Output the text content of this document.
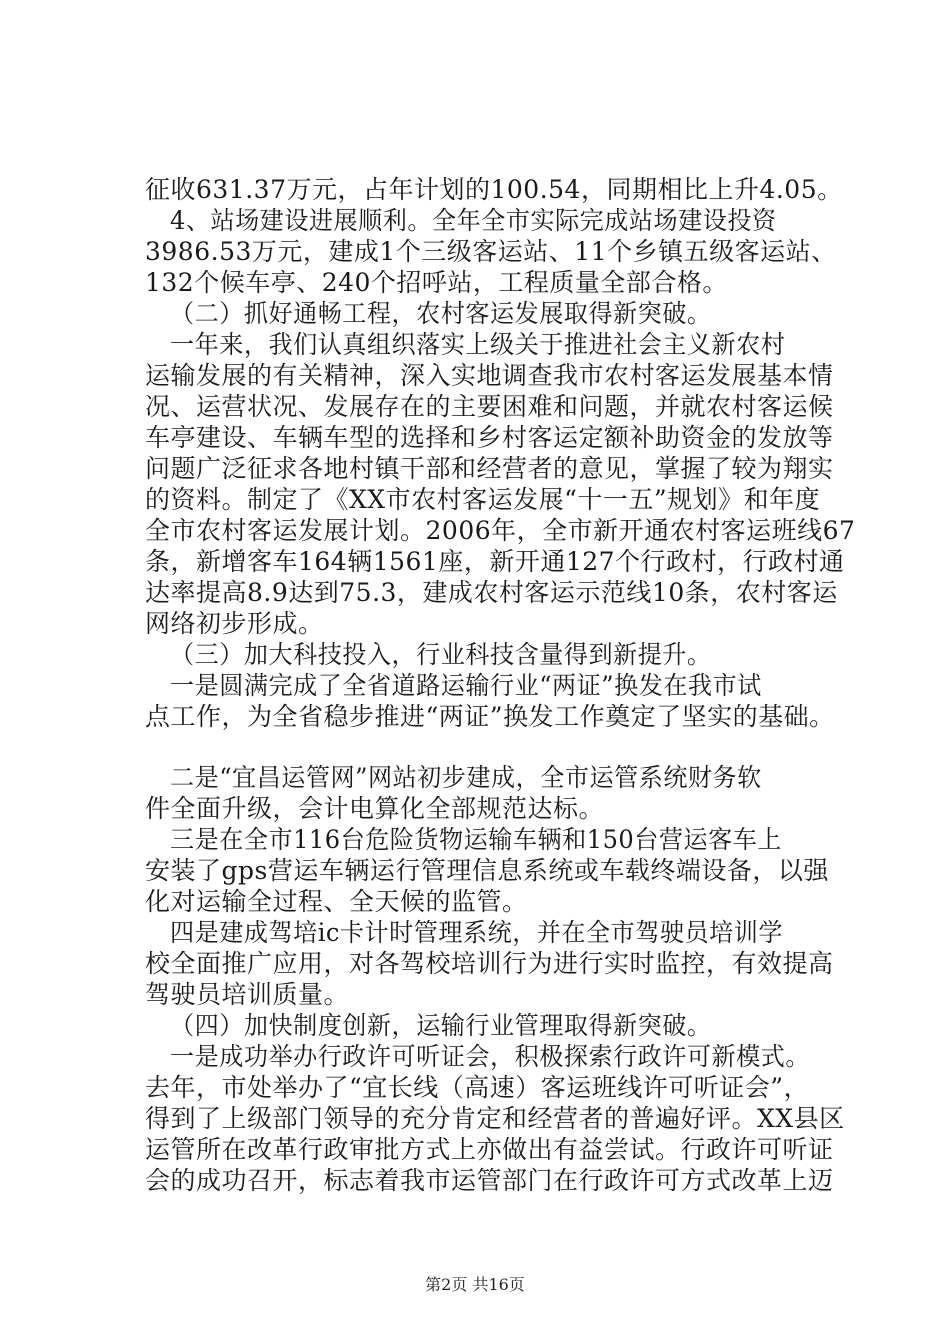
征收631.37万元，占年计划的100.54，同期相比上升4.05。
4、站场建设进展顺利。全年全市实际完成站场建设投资
3986.53万元，建成1个三级客运站、11个乡镇五级客运站、
132个候车亭、240个招呼站，工程质量全部合格。
（二）抓好通畅工程，农村客运发展取得新突破。
一年来，我们认真组织落实上级关于推进社会主义新农村
运输发展的有关精神，深入实地调查我市农村客运发展基本情
况、运营状况、发展存在的主要困难和问题，并就农村客运候
车亭建设、车辆车型的选择和乡村客运定额补助资金的发放等
问题广泛征求各地村镇干部和经营者的意见，掌握了较为翔实
的资料。制定了《XX市农村客运发展“十一五”规划》和年度
全市农村客运发展计划。2006年，全市新开通农村客运班线67
条，新增客车164辆1561座，新开通127个行政村，行政村通
达率提高8.9达到75.3，建成农村客运示范线10条，农村客运
网络初步形成。
（三）加大科技投入，行业科技含量得到新提升。
一是圆满完成了全省道路运输行业“两证”换发在我市试
点工作，为全省稳步推进“两证”换发工作奠定了坚实的基础。
二是“宜昌运管网”网站初步建成，全市运管系统财务软
件全面升级，会计电算化全部规范达标。
三是在全市116台危险货物运输车辆和150台营运客车上
安装了gps营运车辆运行管理信息系统或车载终端设备，以强
化对运输全过程、全天候的监管。
四是建成驾培ic卡计时管理系统，并在全市驾驶员培训学
校全面推广应用，对各驾校培训行为进行实时监控，有效提高
驾驶员培训质量。
（四）加快制度创新，运输行业管理取得新突破。
一是成功举办行政许可听证会，积极探索行政许可新模式。
去年，市处举办了“宜长线（高速）客运班线许可听证会”，
得到了上级部门领导的充分肯定和经营者的普遍好评。XX县区
运管所在改革行政审批方式上亦做出有益尝试。行政许可听证
会的成功召开，标志着我市运管部门在行政许可方式改革上迈
第2页 共16页
